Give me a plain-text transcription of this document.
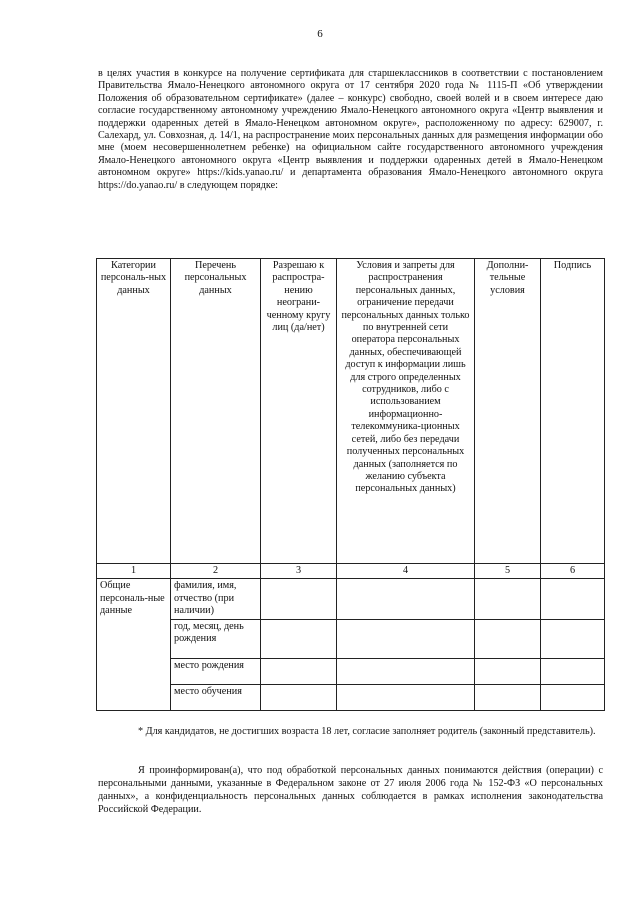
6

в целях участия в конкурсе на получение сертификата для старшеклассников в соответствии с постановлением Правительства Ямало-Ненецкого автономного округа от 17 сентября 2020 года № 1115-П «Об утверждении Положения об образовательном сертификате» (далее – конкурс) свободно, своей волей и в своем интересе даю согласие государственному автономному учреждению Ямало-Ненецкого автономного округа «Центр выявления и поддержки одаренных детей в Ямало-Ненецком автономном округе», расположенному по адресу: 629007, г. Салехард, ул. Совхозная, д. 14/1, на распространение моих персональных данных для размещения информации обо мне (моем несовершеннолетнем ребенке) на официальном сайте государственного автономного учреждения Ямало-Ненецкого автономного округа «Центр выявления и поддержки одаренных детей в Ямало-Ненецком автономном округе» https://kids.yanao.ru/ и департамента образования Ямало-Ненецкого автономного округа https://do.yanao.ru/ в следующем порядке:

Категории персональ-ных данных	Перечень персональных данных	Разрешаю к распростра-нению неограни-ченному кругу лиц (да/нет)	Условия и запреты для распространения персональных данных, ограничение передачи персональных данных только по внутренней сети оператора персональных данных, обеспечивающей доступ к информации лишь для строго определенных сотрудников, либо с использованием информационно-телекоммуника-ционных сетей, либо без передачи полученных персональных данных (заполняется по желанию субъекта персональных данных)	Дополни-тельные условия	Подпись
1	2	3	4	5	6
Общие персональ-ные данные	фамилия, имя, отчество (при наличии)				
	год, месяц, день рождения				
	место рождения				
	место обучения				

* Для кандидатов, не достигших возраста 18 лет, согласие заполняет родитель (законный представитель).

Я проинформирован(а), что под обработкой персональных данных понимаются действия (операции) с персональными данными, указанные в Федеральном законе от 27 июля 2006 года № 152-ФЗ «О персональных данных», а конфиденциальность персональных данных соблюдается в рамках исполнения законодательства Российской Федерации.
